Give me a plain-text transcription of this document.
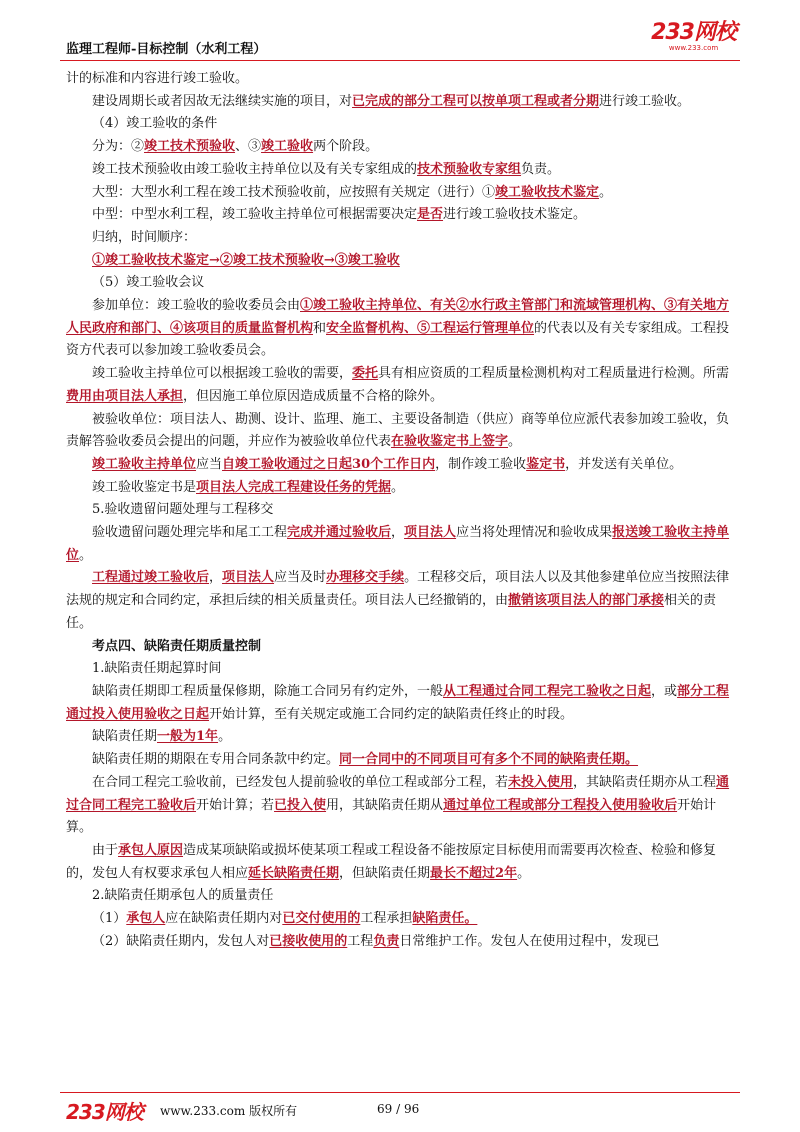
监理工程师-目标控制（水利工程）
233网校
www.233.com

计的标准和内容进行竣工验收。

建设周期长或者因故无法继续实施的项目，对已完成的部分工程可以按单项工程或者分期进行竣工验收。

（4）竣工验收的条件

分为：②竣工技术预验收、③竣工验收两个阶段。

竣工技术预验收由竣工验收主持单位以及有关专家组成的技术预验收专家组负责。

大型：大型水利工程在竣工技术预验收前，应按照有关规定（进行）①竣工验收技术鉴定。

中型：中型水利工程，竣工验收主持单位可根据需要决定是否进行竣工验收技术鉴定。

归纳，时间顺序：

①竣工验收技术鉴定→②竣工技术预验收→③竣工验收

（5）竣工验收会议

参加单位：竣工验收的验收委员会由①竣工验收主持单位、有关②水行政主管部门和流域管理机构、③有关地方人民政府和部门、④该项目的质量监督机构和安全监督机构、⑤工程运行管理单位的代表以及有关专家组成。工程投资方代表可以参加竣工验收委员会。

竣工验收主持单位可以根据竣工验收的需要，委托具有相应资质的工程质量检测机构对工程质量进行检测。所需费用由项目法人承担，但因施工单位原因造成质量不合格的除外。

被验收单位：项目法人、勘测、设计、监理、施工、主要设备制造（供应）商等单位应派代表参加竣工验收，负责解答验收委员会提出的问题，并应作为被验收单位代表在验收鉴定书上签字。

竣工验收主持单位应当自竣工验收通过之日起30个工作日内，制作竣工验收鉴定书，并发送有关单位。

竣工验收鉴定书是项目法人完成工程建设任务的凭据。

5.验收遗留问题处理与工程移交

验收遗留问题处理完毕和尾工工程完成并通过验收后，项目法人应当将处理情况和验收成果报送竣工验收主持单位。

工程通过竣工验收后，项目法人应当及时办理移交手续。工程移交后，项目法人以及其他参建单位应当按照法律法规的规定和合同约定，承担后续的相关质量责任。项目法人已经撤销的，由撤销该项目法人的部门承接相关的责任。

考点四、缺陷责任期质量控制

1.缺陷责任期起算时间

缺陷责任期即工程质量保修期，除施工合同另有约定外，一般从工程通过合同工程完工验收之日起，或部分工程通过投入使用验收之日起开始计算，至有关规定或施工合同约定的缺陷责任终止的时段。

缺陷责任期一般为1年。

缺陷责任期的期限在专用合同条款中约定。同一合同中的不同项目可有多个不同的缺陷责任期。

在合同工程完工验收前，已经发包人提前验收的单位工程或部分工程，若未投入使用，其缺陷责任期亦从工程通过合同工程完工验收后开始计算；若已投入使用，其缺陷责任期从通过单位工程或部分工程投入使用验收后开始计算。

由于承包人原因造成某项缺陷或损坏使某项工程或工程设备不能按原定目标使用而需要再次检查、检验和修复的，发包人有权要求承包人相应延长缺陷责任期，但缺陷责任期最长不超过2年。

2.缺陷责任期承包人的质量责任

（1）承包人应在缺陷责任期内对已交付使用的工程承担缺陷责任。

（2）缺陷责任期内，发包人对已接收使用的工程负责日常维护工作。发包人在使用过程中，发现已

233网校 www.233.com 版权所有	69 / 96
